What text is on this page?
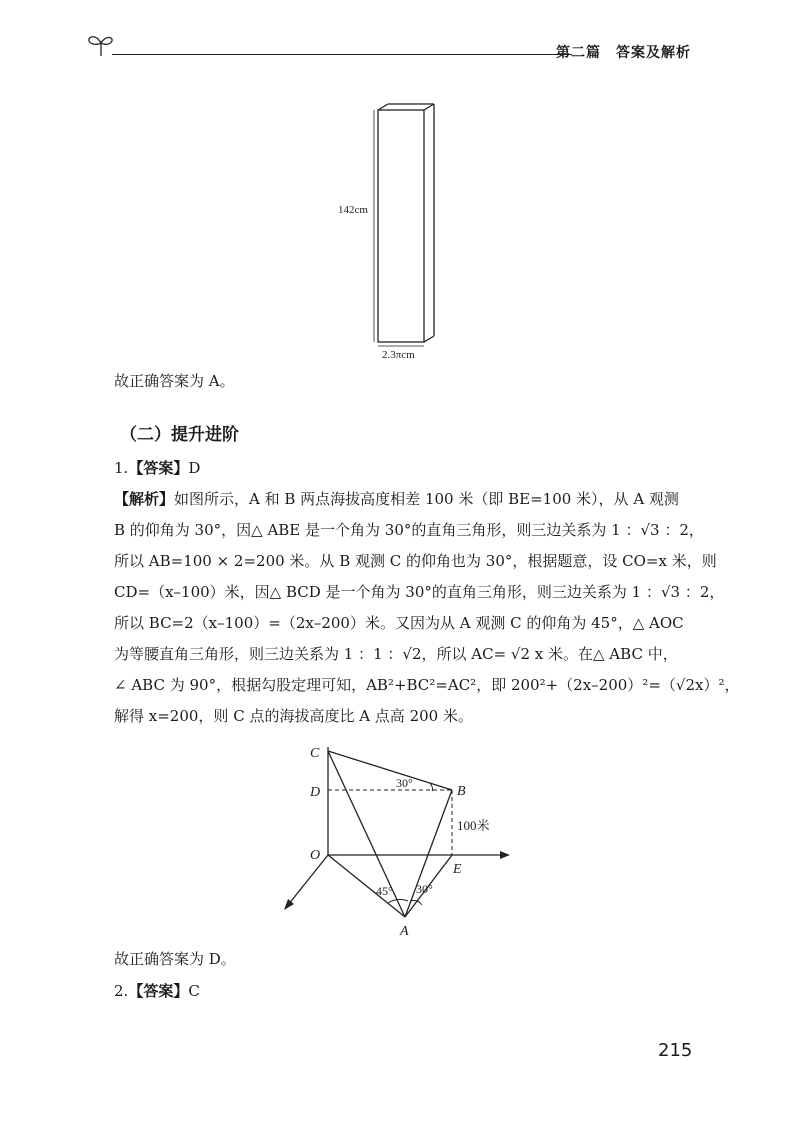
第二篇　答案及解析
142cm
2.3πcm
故正确答案为 A。
（二）提升进阶
1.【答案】D
【解析】如图所示，A 和 B 两点海拔高度相差 100 米（即 BE=100 米），从 A 观测
B 的仰角为 30°，因△ ABE 是一个角为 30°的直角三角形，则三边关系为 1 ：√3 ：2，
所以 AB=100 × 2=200 米。从 B 观测 C 的仰角也为 30°，根据题意，设 CO=x 米，则
CD=（x–100）米，因△ BCD 是一个角为 30°的直角三角形，则三边关系为 1 ：√3 ：2，
所以 BC=2（x–100）=（2x–200）米。又因为从 A 观测 C 的仰角为 45°，△ AOC
为等腰直角三角形，则三边关系为 1 ：1 ：√2，所以 AC= √2 x 米。在△ ABC 中，
∠ ABC 为 90°，根据勾股定理可知，AB²+BC²=AC²，即 200²+（2x–200）²=（√2x）²，
解得 x=200，则 C 点的海拔高度比 A 点高 200 米。
C
D	B
O
E
A
30°
45° 30°
100米
故正确答案为 D。
2.【答案】C
215
